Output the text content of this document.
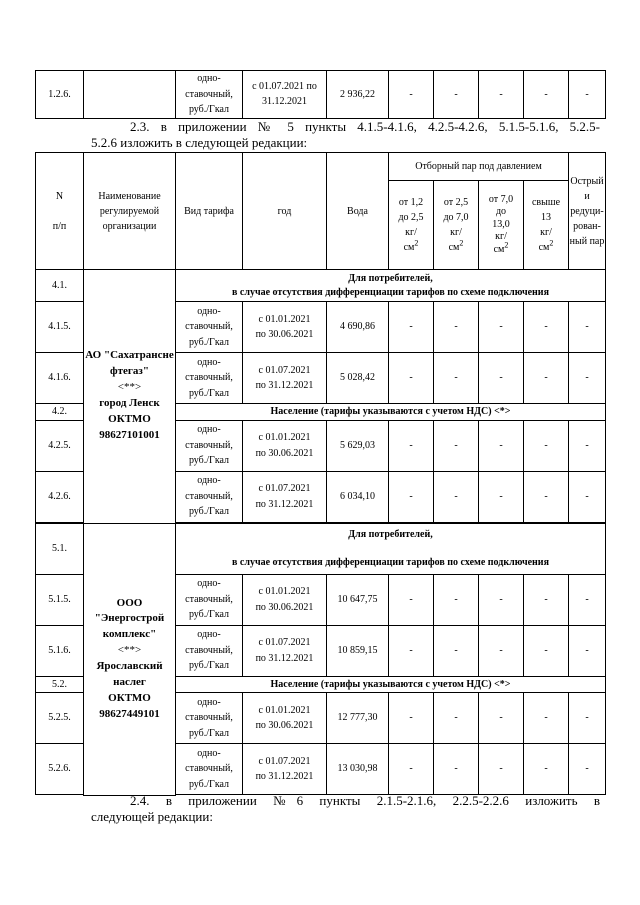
1.2.6.		одно-
ставочный,
руб./Гкал	с 01.07.2021 по 31.12.2021	2 936,22	-	-	-	-	-
2.3. в приложении № 5 пункты 4.1.5-4.1.6, 4.2.5-4.2.6, 5.1.5-5.1.6, 5.2.5-
5.2.6 изложить в следующей редакции:
N

п/п	Наименование регулируемой организации	Вид тарифа	год	Вода	Отборный пар под давлением				Острый и редуци-рован-ный пар
					от 1,2
до 2,5
кг/
$см^2$	от 2,5
до 7,0
кг/
$см^2$	от 7,0
до
13,0
кг/
$см^2$	свыше
13
кг/
$см^2$
4.1.	АО "Сахатрансне фтегаз"
<**>
город Ленск
ОКТМО
98627101001	Для потребителей,
в случае отсутствия дифференциации тарифов по схеме подключения							
4.1.5.		одно-
ставочный,
руб./Гкал	с 01.01.2021
по 30.06.2021	4 690,86	-	-	-	-	-
4.1.6.		одно-
ставочный,
руб./Гкал	с 01.07.2021
по 31.12.2021	5 028,42	-	-	-	-	-
4.2.		Население (тарифы указываются с учетом НДС) <*>							
4.2.5.		одно-
ставочный,
руб./Гкал	с 01.01.2021
по 30.06.2021	5 629,03	-	-	-	-	-
4.2.6.		одно-
ставочный,
руб./Гкал	с 01.07.2021
по 31.12.2021	6 034,10	-	-	-	-	-

5.1.	ООО "Энергострой комплекс"
<**>
Ярославский наслег
ОКТМО
98627449101	Для потребителей,

в случае отсутствия дифференциации тарифов по схеме подключения							
5.1.5.		одно-
ставочный,
руб./Гкал	с 01.01.2021
по 30.06.2021	10 647,75	-	-	-	-	-
5.1.6.		одно-
ставочный,
руб./Гкал	с 01.07.2021
по 31.12.2021	10 859,15	-	-	-	-	-
5.2.		Население (тарифы указываются с учетом НДС) <*>							
5.2.5.		одно-
ставочный,
руб./Гкал	с 01.01.2021
по 30.06.2021	12 777,30	-	-	-	-	-
5.2.6.		одно-
ставочный,
руб./Гкал	с 01.07.2021
по 31.12.2021	13 030,98	-	-	-	-	-

2.4. в приложении №6 пункты 2.1.5-2.1.6, 2.2.5-2.2.6 изложить в
следующей редакции:
